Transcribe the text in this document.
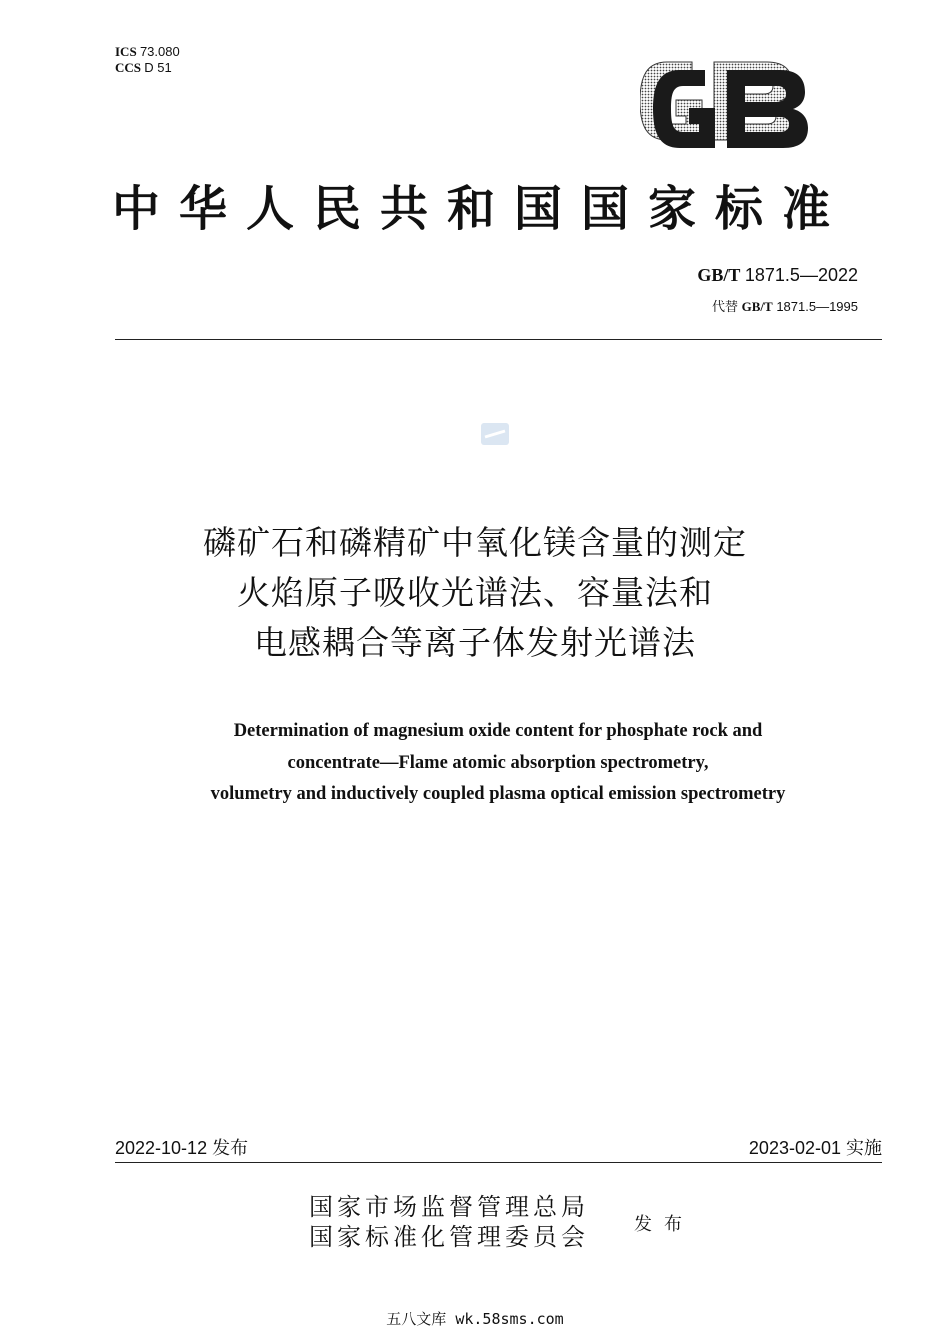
ICS 73.080
CCS D 51
GB
中华人民共和国国家标准
GB/T 1871.5—2022
代替 GB/T 1871.5—1995
磷矿石和磷精矿中氧化镁含量的测定
火焰原子吸收光谱法、容量法和
电感耦合等离子体发射光谱法
Determination of magnesium oxide content for phosphate rock and
concentrate—Flame atomic absorption spectrometry,
volumetry and inductively coupled plasma optical emission spectrometry
2022-10-12 发布	2023-02-01 实施
国家市场监督管理总局
国家标准化管理委员会	发布
五八文库 wk.58sms.com
